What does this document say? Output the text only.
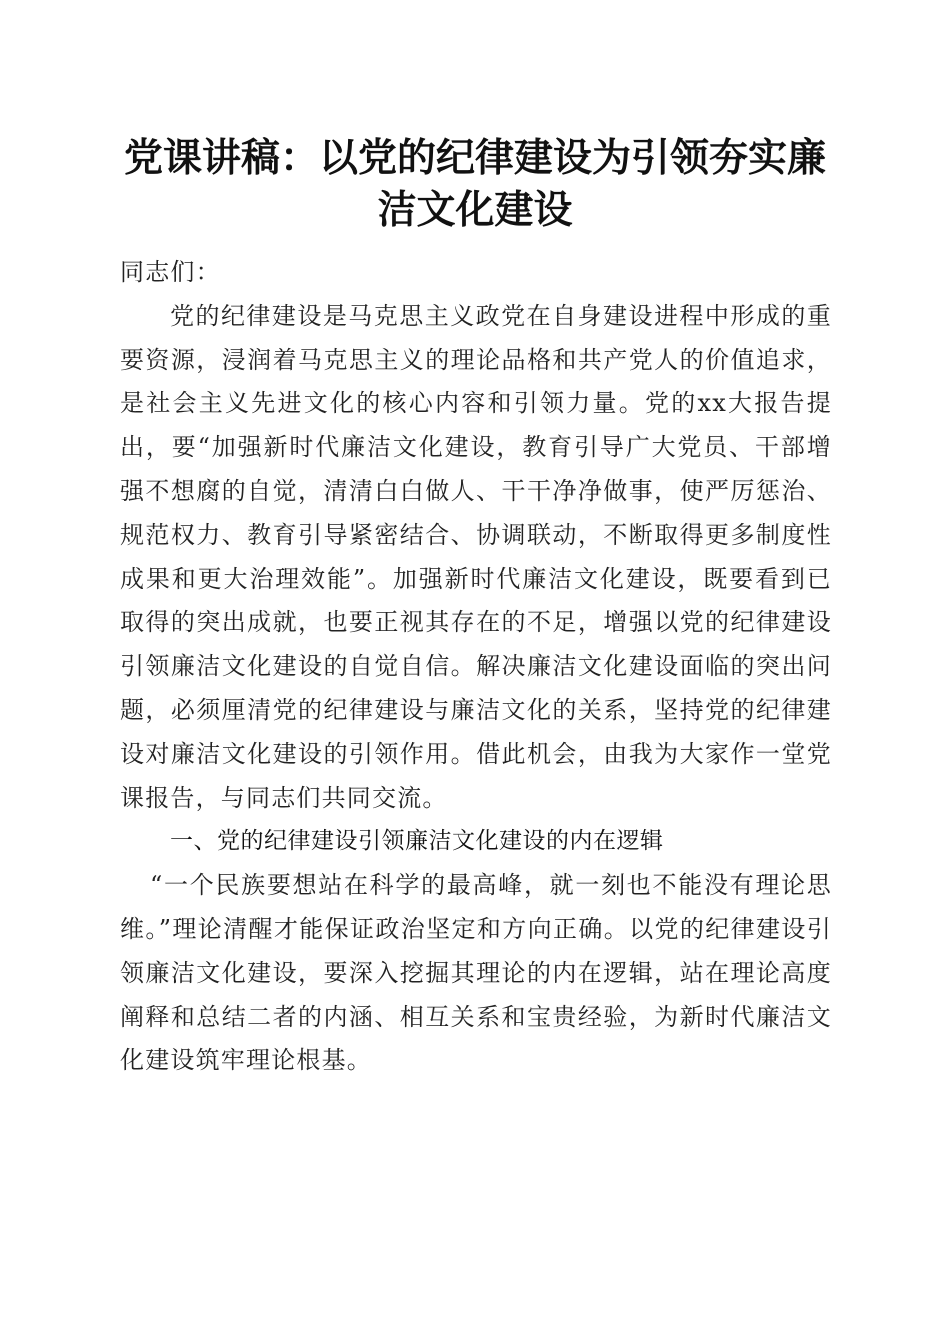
党课讲稿：以党的纪律建设为引领夯实廉洁文化建设

同志们：

党的纪律建设是马克思主义政党在自身建设进程中形成的重要资源，浸润着马克思主义的理论品格和共产党人的价值追求，是社会主义先进文化的核心内容和引领力量。党的xx大报告提出，要“加强新时代廉洁文化建设，教育引导广大党员、干部增强不想腐的自觉，清清白白做人、干干净净做事，使严厉惩治、规范权力、教育引导紧密结合、协调联动，不断取得更多制度性成果和更大治理效能”。加强新时代廉洁文化建设，既要看到已取得的突出成就，也要正视其存在的不足，增强以党的纪律建设引领廉洁文化建设的自觉自信。解决廉洁文化建设面临的突出问题，必须厘清党的纪律建设与廉洁文化的关系，坚持党的纪律建设对廉洁文化建设的引领作用。借此机会，由我为大家作一堂党课报告，与同志们共同交流。

一、党的纪律建设引领廉洁文化建设的内在逻辑

“一个民族要想站在科学的最高峰，就一刻也不能没有理论思维。”理论清醒才能保证政治坚定和方向正确。以党的纪律建设引领廉洁文化建设，要深入挖掘其理论的内在逻辑，站在理论高度阐释和总结二者的内涵、相互关系和宝贵经验，为新时代廉洁文化建设筑牢理论根基。
